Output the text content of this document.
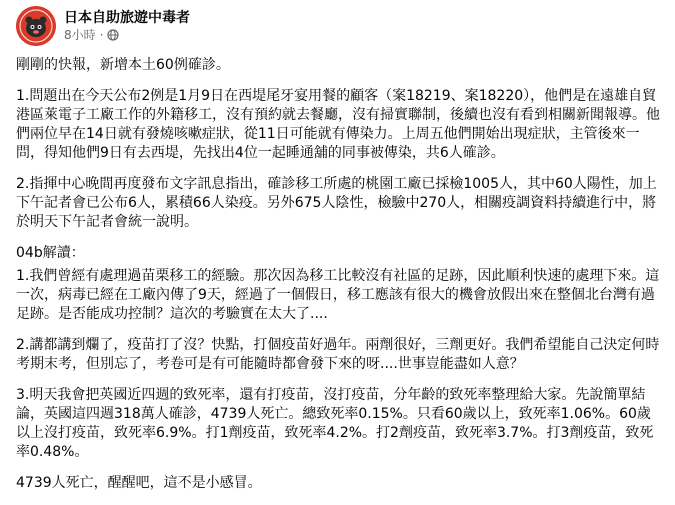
日本自助旅遊中毒者
8小時 ·

剛剛的快報，新增本土60例確診。

1.問題出在今天公布2例是1月9日在西堤尾牙宴用餐的顧客（案18219、案18220），他們是在遠雄自貿港區萊電子工廠工作的外籍移工，沒有預約就去餐廳，沒有掃實聯制，後續也沒有看到相關新聞報導。他們兩位早在14日就有發燒咳嗽症狀，從11日可能就有傳染力。上周五他們開始出現症狀，主管後來一問，得知他們9日有去西堤，先找出4位一起睡通舖的同事被傳染，共6人確診。

2.指揮中心晚間再度發布文字訊息指出，確診移工所處的桃園工廠已採檢1005人，其中60人陽性，加上下午記者會已公布6人，累積66人染疫。另外675人陰性，檢驗中270人，相關疫調資料持續進行中，將於明天下午記者會統一說明。

04b解讀：

1.我們曾經有處理過苗栗移工的經驗。那次因為移工比較沒有社區的足跡，因此順利快速的處理下來。這一次，病毒已經在工廠內傳了9天，經過了一個假日，移工應該有很大的機會放假出來在整個北台灣有過足跡。是否能成功控制？這次的考驗實在太大了....

2.講都講到爛了，疫苗打了沒？快點，打個疫苗好過年。兩劑很好，三劑更好。我們希望能自己決定何時考期末考，但別忘了，考卷可是有可能隨時都會發下來的呀....世事豈能盡如人意？

3.明天我會把英國近四週的致死率，還有打疫苗，沒打疫苗，分年齡的致死率整理給大家。先說簡單結論，英國這四週318萬人確診，4739人死亡。總致死率0.15%。只看60歲以上，致死率1.06%。60歲以上沒打疫苗，致死率6.9%。打1劑疫苗，致死率4.2%。打2劑疫苗，致死率3.7%。打3劑疫苗，致死率0.48%。

4739人死亡，醒醒吧，這不是小感冒。
